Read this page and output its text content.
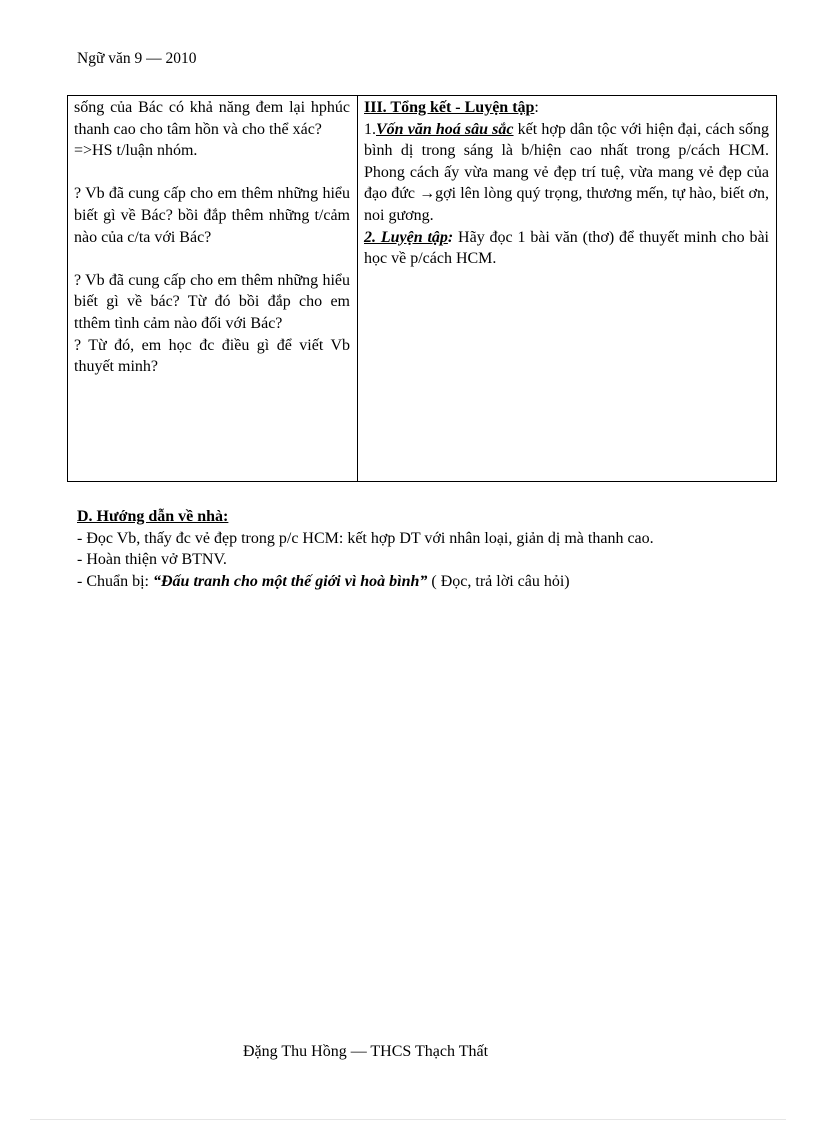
Ngữ văn 9 — 2010

sống của Bác có khả năng đem lại hphúc thanh cao cho tâm hồn và cho thể xác?

=>HS t/luận nhóm.

? Vb đã cung cấp cho em thêm những hiểu biết gì về Bác? bồi đắp thêm những t/cảm nào của c/ta với Bác?

? Vb đã cung cấp cho em thêm những hiểu biết gì về bác? Từ đó bồi đắp cho em tthêm tình cảm nào đối với Bác?

? Từ đó, em học đc điều gì để viết Vb thuyết minh?

III. Tổng kết - Luyện tập:

1.Vốn văn hoá sâu sắc kết hợp dân tộc với hiện đại, cách sống bình dị trong sáng là b/hiện cao nhất trong p/cách HCM. Phong cách ấy vừa mang vẻ đẹp trí tuệ, vừa mang vẻ đẹp của đạo đức →gợi lên lòng quý trọng, thương mến, tự hào, biết ơn, noi gương.

2. Luyện tập: Hãy đọc 1 bài văn (thơ) để thuyết minh cho bài học về p/cách HCM.

D. Hướng dẫn về nhà:

- Đọc Vb, thấy đc vẻ đẹp trong p/c HCM: kết hợp DT với nhân loại, giản dị mà thanh cao.

- Hoàn thiện vở BTNV.

- Chuẩn bị: “Đấu tranh cho một thế giới vì hoà bình” ( Đọc, trả lời câu hỏi)

Đặng Thu Hồng — THCS Thạch Thất
